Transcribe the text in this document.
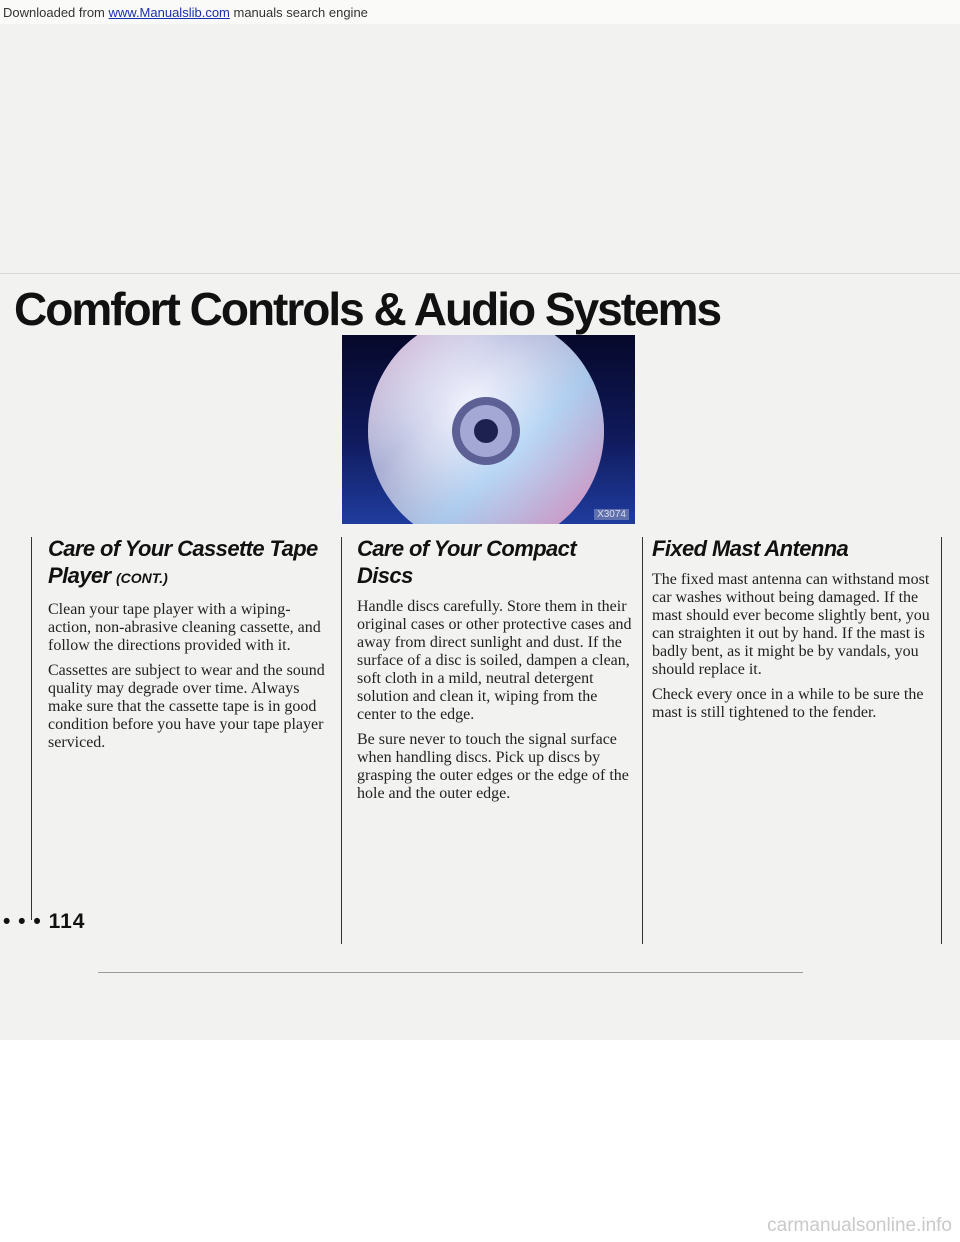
Downloaded from www.Manualslib.com manuals search engine
Comfort Controls & Audio Systems
X3074
Care of Your Cassette Tape Player (CONT.)

Clean your tape player with a wiping-action, non-abrasive cleaning cassette, and follow the directions provided with it.

Cassettes are subject to wear and the sound quality may degrade over time. Always make sure that the cassette tape is in good condition before you have your tape player serviced.

Care of Your Compact Discs

Handle discs carefully. Store them in their original cases or other protective cases and away from direct sunlight and dust. If the surface of a disc is soiled, dampen a clean, soft cloth in a mild, neutral detergent solution and clean it, wiping from the center to the edge.

Be sure never to touch the signal surface when handling discs. Pick up discs by grasping the outer edges or the edge of the hole and the outer edge.

Fixed Mast Antenna

The fixed mast antenna can withstand most car washes without being damaged. If the mast should ever become slightly bent, you can straighten it out by hand. If the mast is badly bent, as it might be by vandals, you should replace it.

Check every once in a while to be sure the mast is still tightened to the fender.

• • • 114
carmanualsonline.info
